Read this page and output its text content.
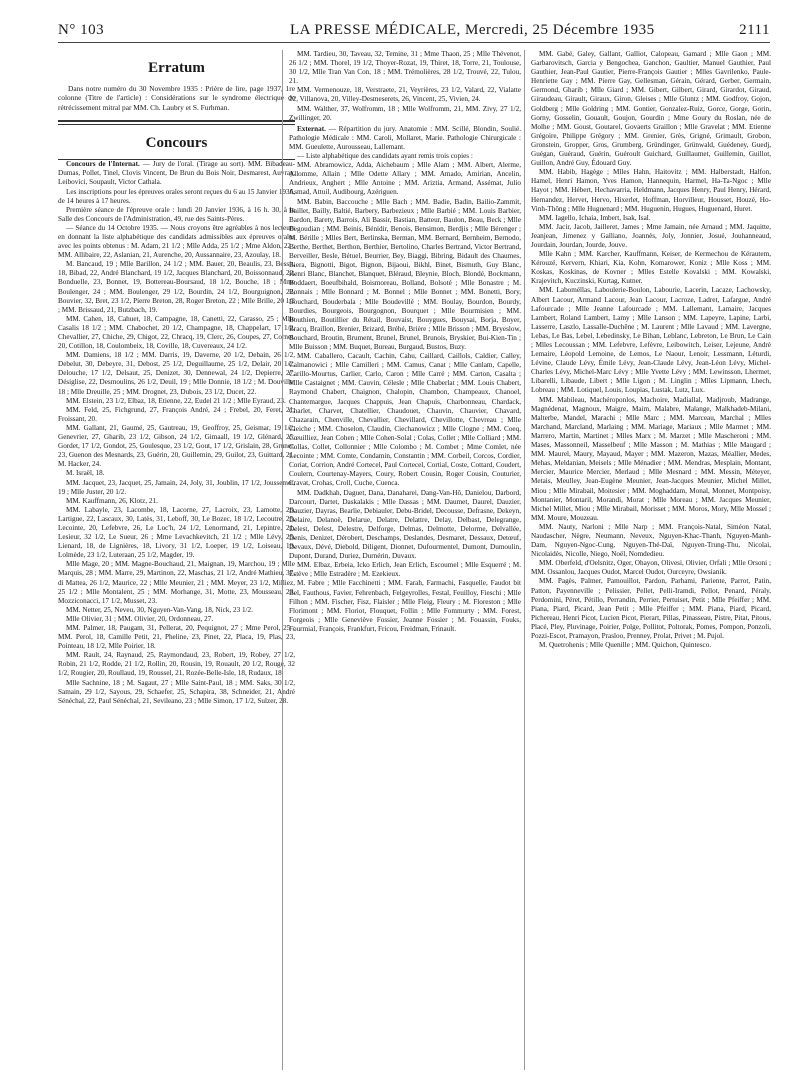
N° 103	LA PRESSE MÉDICALE, Mercredi, 25 Décembre 1935	2111
Erratum

Dans notre numéro du 30 Novembre 1935 : Prière de lire, page 1937, 1re colonne (Titre de l'article) : Considérations sur le syndrome électrique de rétrécissement mitral par MM. Ch. Laubry et S. Furhman.

Concours

Concours de l'Internat. — Jury de l'oral. (Tirage au sort). MM. Bibadeau-Dumas, Pollet, Tinel, Clovis Vincent, De Brun du Bois Noir, Desmarest, Auvray, Leibovici, Soupault, Victor Cathala.

Les inscriptions pour les épreuves orales seront reçues du 6 au 15 Janvier 1936, de 14 heures à 17 heures.

Première séance de l'épreuve orale : lundi 20 Janvier 1936, à 16 h. 30, à la Salle des Concours de l'Administration, 49, rue des Saints-Pères.

— Séance du 14 Octobre 1935. — Nous croyons être agréables à nos lecteurs en donnant la liste alphabétique des candidats admissibles aux épreuves orales avec les points obtenus : M. Adam, 21 1/2 ; Mlle Adda, 25 1/2 ; Mme Aldon, 22 ; MM. Allibaire, 22, Aslanian, 21, Aurenche, 20, Aussannaire, 23, Azoulay, 18.

M. Bancaud, 19 ; Mlle Barillon, 24 1/2 ; MM. Bauer, 20, Beaulis, 23, Bessit, 18, Bibad, 22, André Blanchard, 19 1/2, Jacques Blanchard, 20, Boissonnaud, 22, Bonduelle, 23, Bonnet, 19, Bottereau-Boursaud, 18 1/2, Bouche, 18 ; Mme Boulenger, 24 ; MM. Boulenger, 29 1/2, Bourdin, 24 1/2, Bourguignon, 22, Bouvier, 32, Bret, 23 1/2, Pierre Breton, 28, Roger Breton, 22 ; Mlle Brille, 20 1/2 ; MM. Brissaud, 21, Butzbach, 19.

MM. Cahen, 18, Cahuet, 18, Campagne, 18, Canetti, 22, Carasso, 25 ; Mlle Casalis 18 1/2 ; MM. Chabochet, 20 1/2, Champagne, 18, Chappelart, 17 1/2, Chevallier, 27, Chiche, 29, Chigot, 22, Chracq, 19, Clerc, 26, Coupes, 27, Cornet, 20, Cotillon, 18, Coulombeix, 18, Coville, 18, Cuvereaux, 24 1/2.

MM. Damiens, 18 1/2 ; MM. Darris, 19, Daverne, 20 1/2, Debain, 26 1/2, Debelut, 30, Debeyre, 31, Debost, 25 1/2, Deguillaume, 25 1/2, Delair, 20 1/2, Delouche, 17 1/2, Delsaut, 25, Denizet, 30, Dennewal, 24 1/2, Depierre, 27, Désiglise, 22, Desmoulins, 26 1/2, Deuil, 19 ; Mlle Donnie, 18 1/2 ; M. Douville, 18 ; Mlle Dreuille, 25 ; MM. Drognet, 23, Dubois, 23 1/2, Ducet, 22.

MM. Elstein, 23 1/2, Elbaz, 18, Etienne, 22, Eudel 21 1/2 ; Mlle Eyraud, 23.

MM. Feld, 25, Fichgrund, 27, François André, 24 ; Frebel, 20, Feret, 21, Froissant, 20.

MM. Gallant, 21, Gaumé, 25, Gautreau, 19, Geoffroy, 25, Geismar, 19 1/2, Genevrier, 27, Gharib, 23 1/2, Gibson, 24 1/2, Gimaall, 19 1/2, Glénard, 25, Gordet, 17 1/2, Gondot, 25, Goulesque, 23 1/2, Gout, 17 1/2, Grislain, 28, Gruner, 23, Guenon des Mesnards, 23, Guérin, 20, Guillemin, 29, Guilot, 23, Guittard, 21, M. Hacker, 24.

M. Israël, 18.

MM. Jacquet, 23, Jacquet, 25, Jamain, 24, Joly, 31, Joublin, 17 1/2, Joussemet, 19 ; Mlle Juster, 20 1/2.

MM. Kauffmann, 26, Klotz, 21.

MM. Labayle, 23, Lacombe, 18, Lacorne, 27, Lacroix, 23, Lamotte, 26, Lartigue, 22, Lascaux, 30, Latès, 31, Leboff, 30, Le Bozec, 18 1/2, Lecoutre, 25, Lecointe, 20, Lefebvre, 26, Le Loc'h, 24 1/2, Lenormand, 21, Lepintre, 21, Lesieur, 32 1/2, Le Sueur, 26 ; Mme Levachkevitch, 21 1/2 ; Mlle Lévy, 25, Lienard, 18, de Lignières, 18, Livory, 31 1/2, Loeper, 19 1/2, Loiseau, 19, Lolmède, 23 1/2, Luteraan, 25 1/2, Magder, 19.

Mlle Mage, 20 ; MM. Magne-Bouchaud, 21, Maignan, 19, Marchou, 19 ; Mlle Marquis, 28 ; MM. Marre, 29, Martinon, 22, Maschas, 21 1/2, André Mathieu, 37, di Mattea, 26 1/2, Maurice, 22 ; Mlle Meunier, 21 ; MM. Meyer, 23 1/2, Milliez, 25 1/2 ; Mlle Montalent, 25 ; MM. Morhange, 31, Motte, 23, Mousseau, 23, Mozziconacci, 17 1/2, Musset, 23.

MM. Netter, 25, Neveu, 30, Nguyen-Van-Vang, 18, Nick, 23 1/2.

Mlle Olivier, 31 ; MM. Olivier, 20, Ordonneau, 27.

MM. Palmer, 18, Paugam, 31, Pellerat, 20, Pequignot, 27 ; Mme Perol, 25 ; MM. Perol, 18, Camille Petit, 21, Pheline, 23, Pinet, 22, Placa, 19, Plas, 23, Pointeau, 18 1/2, Mlle Poirier, 18.

MM. Rault, 24, Raynaud, 25, Raymondaud, 23, Robert, 19, Robey, 27 1/2, Robin, 21 1/2, Rodde, 21 1/2, Rollin, 20, Rousin, 19, Rouault, 20 1/2, Rougé, 32 1/2, Rougier, 20, Roullaud, 19, Roussel, 21, Rozée-Belle-Isle, 18, Rudaux, 18.

Mlle Sachnine, 18 ; M. Sagaut, 27 ; Mlle Saint-Paul, 18 ; MM. Saks, 30 1/2, Samain, 29 1/2, Sayous, 29, Schaefer, 25, Schapira, 38, Schneider, 21, André Sénéchal, 22, Paul Sénéchal, 21, Sevileano, 23 ; Mlle Simon, 17 1/2, Sulzer, 28.

MM. Tardieu, 30, Taveau, 32, Temine, 31 ; Mme Thaon, 25 ; Mlle Thévenot, 26 1/2 ; MM. Thorel, 19 1/2, Thoyer-Rozat, 19, Thiret, 18, Torre, 21, Toulouse, 30 1/2, Mlle Tran Van Con, 18 ; MM. Trémolières, 28 1/2, Trouvé, 22, Tulou, 21.

MM. Vermenouze, 18, Verstraete, 21, Veyrières, 23 1/2, Valard, 22, Vialatte 22, Villanova, 20, Villey-Desmeserets, 26, Vincent, 25, Vivien, 24.

MM. Walther, 37, Wolfromm, 18 ; Mlle Wolfromm, 21, MM. Zivy, 27 1/2, Zwillinger, 20.

Externat. — Répartition du jury. Anatomie : MM. Scillé, Blondin, Soulié. Pathologie Médicale : MM. Caroli, Mollaret, Marie. Pathologie Chirurgicale : MM. Gueulette, Aurousseau, Lallemant.

— Liste alphabétique des candidats ayant remis trois copies :

MM. Abramowicz, Adda, Aichebaum ; Mlle Alam ; MM. Albert, Alerme, Allomme, Allain ; Mlle Odette Allary ; MM. Amado, Amirian, Ancelin, Andrieux, Anghert ; Mlle Antoine ; MM. Ariztia, Armand, Assémat, Julio Asmad, Attuil, Audibourg, Azériguen.

MM. Babin, Baccouche ; Mlle Bach ; MM. Badie, Badin, Bailio-Zammit, Baillet, Bailly, Baltié, Barbery, Barbezieux ; Mlle Barbié ; MM. Louis Barbier, Bardon, Barety, Barrois, Ali Bassir, Bastian, Batteur, Baulon, Beau, Beck ; Mlle Begoudian ; MM. Beinis, Bénidir, Benois, Bensimon, Berdjis ; Mlle Bérenger ; M. Bérille ; Mlles Bert, Berlinska, Berman, MM. Bernard, Bernheim, Bernodo, Berthe, Berthet, Berthon, Berthier, Bertolino, Charles Bertrand, Victor Bertrand, Berveiller, Besle, Bétuel, Beurrier, Bey, Biaggi, Bibring, Bidault des Chaumes, Biera, Bignotti, Bigot, Bignon, Bijaoui, Bikhl, Binet, Bismuth, Guy Blanc, Henri Blanc, Blanchet, Blanquet, Bléraud, Bleynie, Bloch, Blondé, Bockmann, Boddaert, Boeufbihald, Boismoreau, Bolland, Bolsoté ; Mlle Bonastre ; M. Bonnais ; Mlle Bonnard ; M. Bonnel ; Mlle Bonnet ; MM. Bonetti, Bory, Bouchard, Bouderbala ; Mlle Boudevillé ; MM. Boulay, Bourdon, Bourdy, Bourdies, Bourgeois, Bourgognon, Bourquet ; Mlle Bourmisien ; MM. Bouthien, Boutillier du Rétail, Bouvaist, Bouygues, Bouysai, Borja, Boyer, Bracq, Braillon, Brenier, Brizard, Bréhé, Brière ; Mlle Brisson ; MM. Bryeslow, Bouchard, Broutin, Brument, Brunel, Brunel, Brunois, Bryskier, Bui-Kien-Tin ; Mlle Buisson ; MM. Buquet, Bureau, Burgaud, Bustos, Buzy.

MM. Caballero, Cacault, Cachin, Cahu, Caillard, Caillols, Caldier, Calley, Calmanowici ; Mlle Camilleri ; MM. Camus, Canat ; Mlle Canlam, Capelle, Carillo-Mourtus, Carlier, Carlo, Caron ; Mlle Carré ; MM. Carton, Casalta ; Mlle Castaignet ; MM. Cauvin, Célesle ; Mlle Chaberlat ; MM. Louis Chabert, Raymond Chabert, Chaignon, Chalopin, Chambon, Champeaux, Chanoel, Chantemargue, Jacques Chappuis, Jean Chapuis, Charbonneau, Chardack, Charlet, Charvet, Chatellier, Chaudouet, Chauvin, Chauvier, Chavard, Chazarain, Chenville, Chevallier, Chevillard, Chevillotte, Chevreau ; Mlle Cleiche ; MM. Choselon, Claudin, Ciechanowicz ; Mlle Clogne ; MM. Coeq, Cœuilliez, Jean Cohen ; Mlle Cohen-Solal ; Colas, Collet ; Mlle Colliard ; MM. Collas, Collet, Collonnier ; Mlle Colombo ; M. Combet ; Mme Comlet, née Lecointe ; MM. Comte, Condamin, Constantin ; MM. Corbeil, Corcos, Cordier, Coriat, Corrion, André Cortecel, Paul Cortecel, Cortial, Coste, Cottard, Coudert, Coulern, Courtenay-Mayers, Coury, Robert Cousin, Roger Cousin, Couturier, Cravat, Crohas, Croll, Cuche, Cuenca.

MM. Dadkhah, Daguet, Dana, Danaharei, Dang-Van-Hô, Danielou, Darbord, Darcourt, Dartet, Daskalakis ; Mlle Dassas ; MM. Daumet, Daurel, Dauzier, Dauzier, Dayras, Bearlie, Debiauler, Debu-Bridel, Decousse, Defrasne, Dekeyn, Delaire, Delanoë, Delarue, Delatre, Delattre, Delay, Delbast, Delegrange, Delest, Delest, Delestre, Delforge, Delmas, Delmotte, Delorme, Delvallée, Denis, Denizet, Dérobert, Deschamps, Deslandes, Desmaret, Dessaux, Detœuf, Devaux, Dévé, Diebold, Diligent, Dionnet, Dufourmentel, Dumont, Dumoulin, Dupont, Durand, Duriez, Durnérin, Duvaux.

MM. Elbaz, Erbeia, Icko Erlich, Jean Erlich, Escoumel ; Mlle Esquerré ; M. Estève ; Mlle Estradère ; M. Ezekieux.

M. Fabre ; Mlle Facchinetti ; MM. Farah, Farmachi, Fasquelle, Faudot bit Bel, Fauthous, Favier, Fehrenbach, Felgeyrolles, Festal, Feuilloy, Fieschi ; Mlle Filhon ; MM. Fischer, Fisz, Flaisler ; Mlle Fleig, Fleury ; M. Floreston ; Mlle Florimont ; MM. Floriot, Flouquet, Follin ; Mlle Fommurty ; MM. Forest, Forgeois ; Mlle Geneviève Fossier, Jeanne Fossier ; M. Fouassin, Fouks, Fourmial, François, Frankfurt, Fricou, Freidman, Frinault.

MM. Gabé, Galey, Gallant, Galliot, Calopeau, Gamard ; Mlle Gaon ; MM. Garbarovitsch, Garcia y Bengochea, Ganchon, Gaultier, Manuel Gauthier, Paul Gauthier, Jean-Paul Gautier, Pierre-François Gautier ; Mlles Gavrilenko, Paule-Henriette Gay ; MM. Pierre Gay, Gellesman, Gérain, Gérard, Gerber, Germain, Germond, Gharib ; Mlle Giard ; MM. Gibert, Gilbert, Girard, Girardot, Giraud, Giraudeau, Girault, Giraux, Giron, Gleises ; Mlle Gluntz ; MM. Godfroy, Gojon, Goldberg ; Mlle Goldring ; MM. Gontier, Gonzalez-Ruiz, Gorce, Gorge, Gorin, Gorny, Gosselin, Gouault, Goujon, Gourdin ; Mme Goury du Roslan, née de Molhe ; MM. Goust, Goutarel, Govaerts Graillon ; Mlle Gravelat ; MM. Etienne Grégoire, Philippe Grégory ; MM. Grenier, Grès, Grigné, Grimault, Grobon, Gronstein, Gropper, Gros, Grumberg, Gründinger, Grünwald, Guédeney, Guedj, Guégan, Guéraud, Guérin, Guéroult Guichard, Guillaumet, Guillemin, Guillot, Guillon, André Guy, Édouard Guy.

MM. Habib, Hagège ; Mlles Hahn, Haitovitz ; MM. Halberstadt, Halfon, Hamel, Henri Hamon, Yves Hamon, Hannequin, Harmel, Ha-Ta-Ngoc ; Mlle Hayot ; MM. Hébert, Hechavarria, Heldmann, Jacques Henry, Paul Henry, Hérard, Hernandez, Hervet, Hervo, Hixerlet, Hoffman, Horvilleur, Housset, Houzé, Ho-Vinh-Thông ; Mlle Huguenard ; MM. Huguenin, Hugues, Huguenard, Huret.

MM. Iagello, Ichaia, Imbert, Isak, Isal.

MM. Jacir, Jacob, Jailleret, James ; Mme Jamain, née Arnaud ; MM. Jaquitte, Jeanjean, Jimenez y Galliano, Joannès, Joly, Jonnier, Josué, Jouhanneaud, Jourdain, Jourdan, Jourde, Jouve.

Mlle Kahn ; MM. Karcher, Kauffmann, Keiser, de Kermechou de Kérautem, Kérouzé, Kervern, Khiari, Kia, Kohn, Komarower, Koniz ; Mlle Koss ; MM. Koskas, Koskinas, de Kovner ; Mlles Estelle Kovalski ; MM. Kowalski, Krajevitch, Kuczinski, Kurtag, Kutner.

MM. Laboméllas, Laboulerie-Boulon, Labourie, Lacerin, Lacaze, Lachowsky, Albert Lacour, Armand Lacour, Jean Lacour, Lacroze, Ladret, Lafargue, André Lafourcade ; Mlle Jeanne Lafourcade ; MM. Lallemant, Lamaire, Jacques Lambert, Roland Lambert, Lamy ; Mlle Lanson ; MM. Lapeyre, Lapine, Larbi, Lasserre, Laszlo, Lassalle-Duchêne ; M. Laurent ; Mlle Lavaud ; MM. Lavergne, Lebas, Le Bas, Lebel, Lebedinsky, Le Bihan, Leblanc, Lebreton, Le Brun, Le Cain ; Mlles Lecoussan ; MM. Lefebvre, Lefèvre, Leibowitch, Leiser, Lejeune, André Lemaire, Léopold Lemoine, de Lemos, Le Naour, Lenoir, Lessmann, Léturdi, Lévine, Claude Lévy, Émile Lévy, Jean-Claude Lévy, Jean-Léon Lévy, Michel-Charles Lévy, Michel-Marc Lévy ; Mlle Yvette Lévy ; MM. Lewinsson, Lhermet, Libarelli, Libaude, Libert ; Mlle Ligon ; M. Linglin ; Mlles Lipmann, Lhech, Lobreau ; MM. Lotiquel, Louis, Loupias, Lustak, Lutz, Lux.

MM. Mabileau, Machéroponlos, Machoire, Madiallal, Madjroub, Madrange, Magnédenat, Magnoux, Maigre, Maim, Malabre, Malange, Malkhadeb-Milani, Malterbe, Mandel, Marachi ; Mlle Marc ; MM. Marceau, Marchal ; Mlles Marchand, Marcland, Marlaing ; MM. Mariage, Mariaux ; Mlle Marmet ; MM. Marrero, Martin, Martinet ; Mlles Marx ; M. Marzet ; Mlle Mascheroni ; MM. Mases, Massonneil, Masselbeuf ; Mlle Masson ; M. Mathias ; Mlle Maugard ; MM. Maurel, Maury, Mayaud, Mayer ; MM. Mazeron, Mazas, Méallier, Medes, Mehas, Meldanian, Meisels ; Mlle Ménadier ; MM. Mendras, Mesplain, Montant, Mercier, Maurice Mercier, Merlaud ; Mlle Mesnard ; MM. Messin, Méteyer, Metais, Meulley, Jean-Eugène Meunier, Jean-Jacques Meunier, Michel Millet, Miou ; Mlle Mirabail, Moitesier ; MM. Moghaddam, Monal, Monnet, Montpoisy, Montanier, Montaril, Morandi, Morat ; Mlle Moreau ; MM. Jacques Meunier, Michel Millet, Miou ; Mlle Mirabail, Morisset ; MM. Moros, Mory, Mlle Mossel ; MM. Moure, Mouzeau.

MM. Nauty, Narloni ; Mlle Narp ; MM. François-Natal, Siméon Natal, Naudascher, Nègre, Neumann, Neveux, Nguyen-Khac-Thanh, Nguyen-Manh-Dam, Nguyen-Ngoc-Cung, Nguyen-Thé-Daï, Nguyen-Trung-Thu, Nicolai, Nicolaidès, Nicolle, Niego, Noël, Nomdedieu.

MM. Oberfeld, d'Oelsnitz, Oger, Ohayon, Olivesi, Olivier, Orfali ; Mlle Orsoni ; MM. Ossanlou, Jacques Oudot, Marcel Oudot, Ourceyre, Owsianik.

MM. Pagès, Palmer, Pamouillot, Pardon, Parhami, Pariente, Parrot, Patin, Patton, Payenneville ; Pelissier, Pellet, Pelli-Iramdi, Pellot, Penard, Péraly, Perdomini, Péret, Pétillo, Perrandin, Perrier, Pertuiset, Petit ; Mlle Pfeiffer ; MM. Piana, Piard, Picard, Jean Petit ; Mlle Pfeiffer ; MM. Piana, Piard, Picard, Pichereau, Henri Picot, Lucien Picot, Pierart, Pillas, Pinasseau, Pistre, Pitat, Pitous, Placé, Pley, Pluvinage, Poirier, Polge, Pollitot, Poltorak, Pomes, Pompon, Ponzoli, Pozzi-Escot, Pramayon, Prasloo, Prenney, Prolat, Privet ; M. Pujol.

M. Quetrohenis ; Mlle Quenille ; MM. Quichon, Quintesco.
